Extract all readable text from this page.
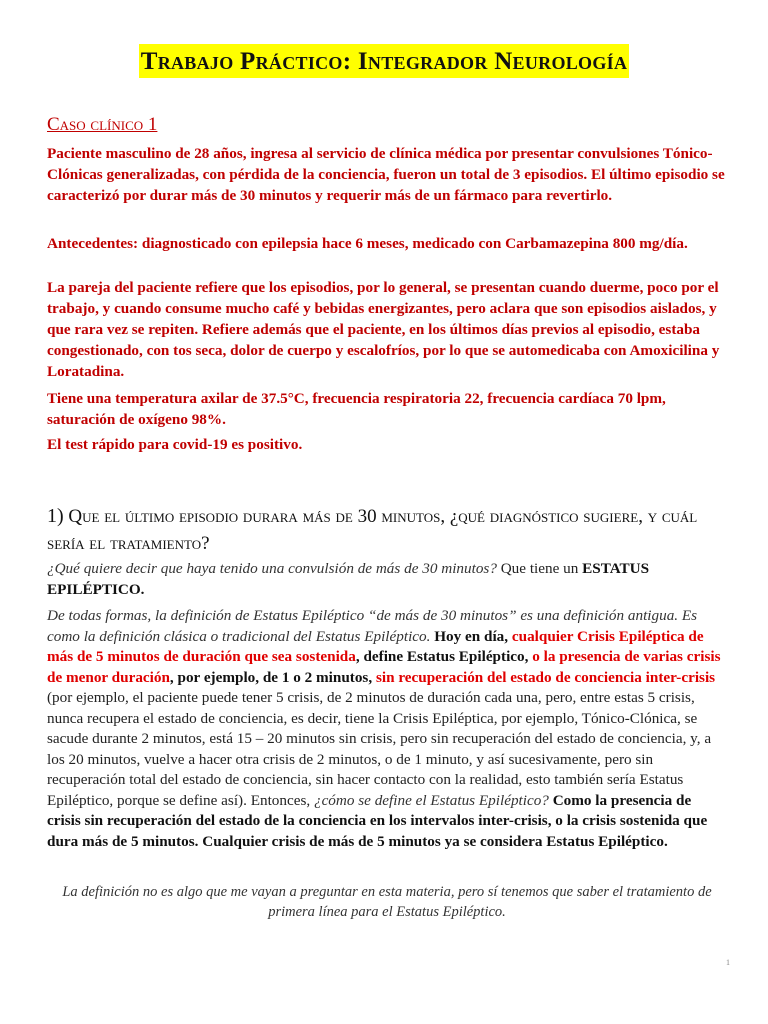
Trabajo Práctico: Integrador Neurología
Caso clínico 1
Paciente masculino de 28 años, ingresa al servicio de clínica médica por presentar convulsiones Tónico-Clónicas generalizadas, con pérdida de la conciencia, fueron un total de 3 episodios. El último episodio se caracterizó por durar más de 30 minutos y requerir más de un fármaco para revertirlo.
Antecedentes: diagnosticado con epilepsia hace 6 meses, medicado con Carbamazepina 800 mg/día.
La pareja del paciente refiere que los episodios, por lo general, se presentan cuando duerme, poco por el trabajo, y cuando consume mucho café y bebidas energizantes, pero aclara que son episodios aislados, y que rara vez se repiten. Refiere además que el paciente, en los últimos días previos al episodio, estaba congestionado, con tos seca, dolor de cuerpo y escalofríos, por lo que se automedicaba con Amoxicilina y Loratadina.
Tiene una temperatura axilar de 37.5°C, frecuencia respiratoria 22, frecuencia cardíaca 70 lpm, saturación de oxígeno 98%.
El test rápido para covid-19 es positivo.
1) Que el último episodio durara más de 30 minutos, ¿qué diagnóstico sugiere, y cuál sería el tratamiento?
¿Qué quiere decir que haya tenido una convulsión de más de 30 minutos? Que tiene un ESTATUS EPILÉPTICO.
De todas formas, la definición de Estatus Epiléptico “de más de 30 minutos” es una definición antigua. Es como la definición clásica o tradicional del Estatus Epiléptico. Hoy en día, cualquier Crisis Epiléptica de más de 5 minutos de duración que sea sostenida, define Estatus Epiléptico, o la presencia de varias crisis de menor duración, por ejemplo, de 1 o 2 minutos, sin recuperación del estado de conciencia inter-crisis (por ejemplo, el paciente puede tener 5 crisis, de 2 minutos de duración cada una, pero, entre estas 5 crisis, nunca recupera el estado de conciencia, es decir, tiene la Crisis Epiléptica, por ejemplo, Tónico-Clónica, se sacude durante 2 minutos, está 15 – 20 minutos sin crisis, pero sin recuperación del estado de conciencia, y, a los 20 minutos, vuelve a hacer otra crisis de 2 minutos, o de 1 minuto, y así sucesivamente, pero sin recuperación total del estado de conciencia, sin hacer contacto con la realidad, esto también sería Estatus Epiléptico, porque se define así). Entonces, ¿cómo se define el Estatus Epiléptico? Como la presencia de crisis sin recuperación del estado de la conciencia en los intervalos inter-crisis, o la crisis sostenida que dura más de 5 minutos. Cualquier crisis de más de 5 minutos ya se considera Estatus Epiléptico.
La definición no es algo que me vayan a preguntar en esta materia, pero sí tenemos que saber el tratamiento de primera línea para el Estatus Epiléptico.
1
